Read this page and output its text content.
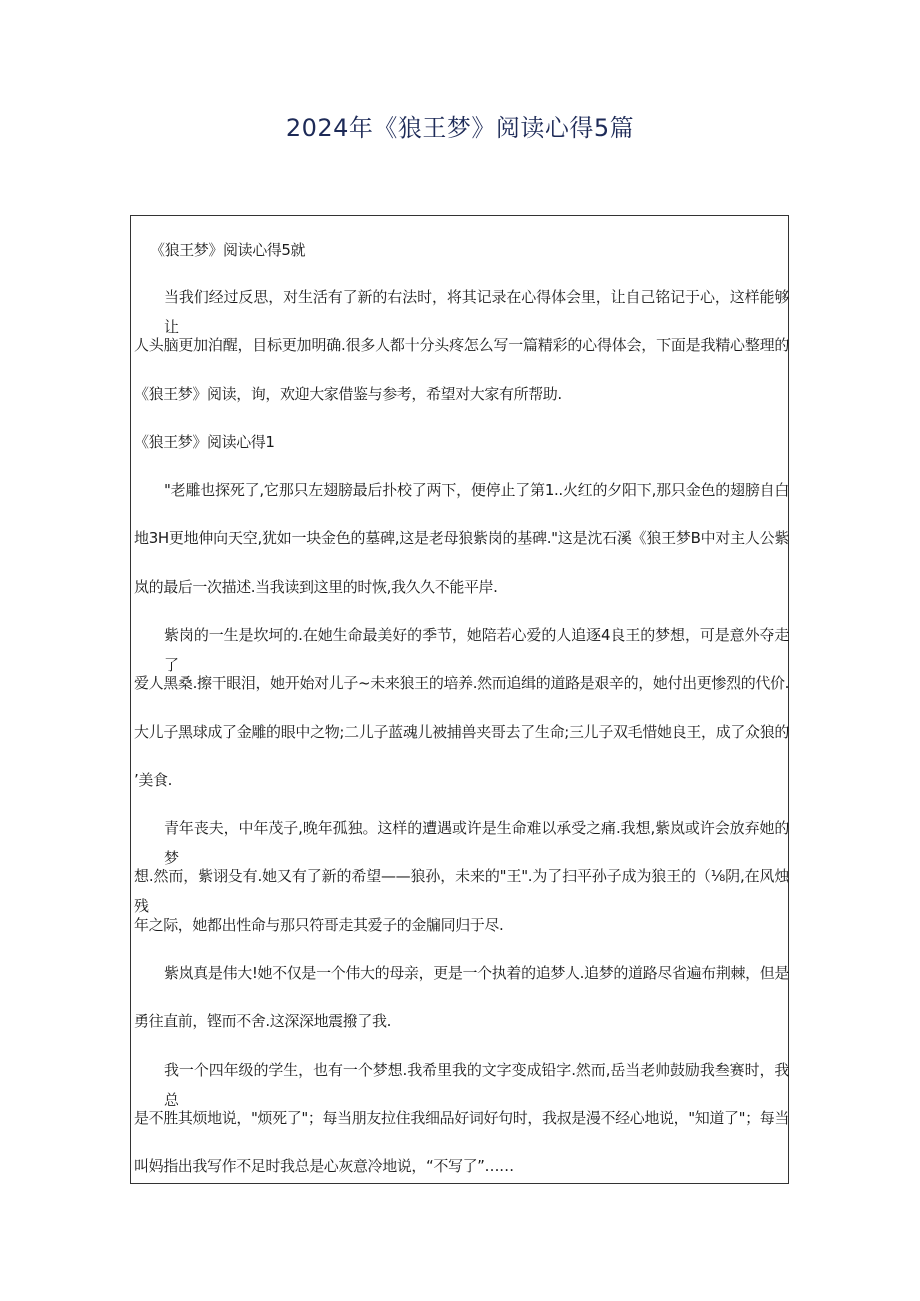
2024年《狼王梦》阅读心得5篇
《狼王梦》阅读心得5就
当我们经过反思，对生活有了新的右法时，将其记录在心得体会里，让自己铭记于心，这样能够让
人头脑更加泊醒，目标更加明确.很多人都十分头疼怎么写一篇精彩的心得体会，下面是我精心整理的
《狼王梦》阅读，询，欢迎大家借鉴与参考，希望对大家有所帮助.
《狼王梦》阅读心得1
"老雕也探死了,它那只左翅膀最后扑校了两下，便停止了第1..火红的夕阳下,那只金色的翅膀自白
地3H更地伸向天空,犹如一块金色的墓碑,这是老母狼紫岗的基碑."这是沈石溪《狼王梦B中对主人公紫
岚的最后一次描述.当我读到这里的时恢,我久久不能平岸.
紫岗的一生是坎坷的.在她生命最美好的季节，她陪若心爱的人追逐4良王的梦想，可是意外夺走了
爱人黑桑.擦干眼泪，她开始对儿子~未来狼王的培养.然而追缉的道路是艰辛的，她付出更惨烈的代价.
大儿子黑球成了金雕的眼中之物;二儿子蓝魂儿被捕兽夹哥去了生命;三儿子双毛惜她良王，成了众狼的
’美食.
青年丧夫，中年茂子,晚年孤独。这样的遭遇或许是生命难以承受之痛.我想,紫岚或许会放弃她的梦
想.然而，紫诩殳有.她又有了新的希望——狼孙，未来的"王".为了扫平孙子成为狼王的（⅛阴,在风烛残
年之际，她都出性命与那只符哥走其爱子的金牖同归于尽.
紫岚真是伟大!她不仅是一个伟大的母亲，更是一个执着的追梦人.追梦的道路尽省遍布荆棘，但是
勇往直前，铿而不舍.这深深地震撥了我.
我一个四年级的学生，也有一个梦想.我希里我的文字变成铅字.然而,岳当老帅鼓励我叁赛时，我总
是不胜其烦地说，"烦死了"；每当朋友拉住我细品好词好句时，我叔是漫不经心地说，"知道了"；每当
叫妈指出我写作不足时我总是心灰意冷地说，“不写了”……
